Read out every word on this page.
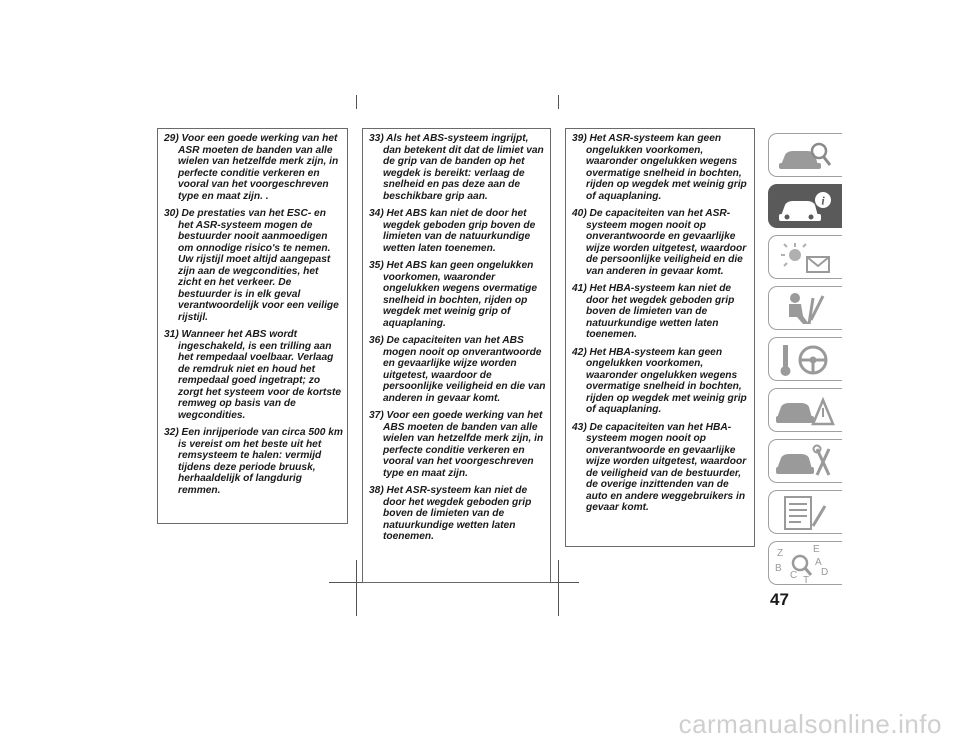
29) Voor een goede werking van het ASR moeten de banden van alle wielen van hetzelfde merk zijn, in perfecte conditie verkeren en vooral van het voorgeschreven type en maat zijn. .

30) De prestaties van het ESC- en het ASR-systeem mogen de bestuurder nooit aanmoedigen om onnodige risico's te nemen. Uw rijstijl moet altijd aangepast zijn aan de wegcondities, het zicht en het verkeer. De bestuurder is in elk geval verantwoordelijk voor een veilige rijstijl.

31) Wanneer het ABS wordt ingeschakeld, is een trilling aan het rempedaal voelbaar. Verlaag de remdruk niet en houd het rempedaal goed ingetrapt; zo zorgt het systeem voor de kortste remweg op basis van de wegcondities.

32) Een inrijperiode van circa 500 km is vereist om het beste uit het remsysteem te halen: vermijd tijdens deze periode bruusk, herhaaldelijk of langdurig remmen.

33) Als het ABS-systeem ingrijpt, dan betekent dit dat de limiet van de grip van de banden op het wegdek is bereikt: verlaag de snelheid en pas deze aan de beschikbare grip aan.

34) Het ABS kan niet de door het wegdek geboden grip boven de limieten van de natuurkundige wetten laten toenemen.

35) Het ABS kan geen ongelukken voorkomen, waaronder ongelukken wegens overmatige snelheid in bochten, rijden op wegdek met weinig grip of aquaplaning.

36) De capaciteiten van het ABS mogen nooit op onverantwoorde en gevaarlijke wijze worden uitgetest, waardoor de persoonlijke veiligheid en die van anderen in gevaar komt.

37) Voor een goede werking van het ABS moeten de banden van alle wielen van hetzelfde merk zijn, in perfecte conditie verkeren en vooral van het voorgeschreven type en maat zijn.

38) Het ASR-systeem kan niet de door het wegdek geboden grip boven de limieten van de natuurkundige wetten laten toenemen.

39) Het ASR-systeem kan geen ongelukken voorkomen, waaronder ongelukken wegens overmatige snelheid in bochten, rijden op wegdek met weinig grip of aquaplaning.

40) De capaciteiten van het ASR-systeem mogen nooit op onverantwoorde en gevaarlijke wijze worden uitgetest, waardoor de persoonlijke veiligheid en die van anderen in gevaar komt.

41) Het HBA-systeem kan niet de door het wegdek geboden grip boven de limieten van de natuurkundige wetten laten toenemen.

42) Het HBA-systeem kan geen ongelukken voorkomen, waaronder ongelukken wegens overmatige snelheid in bochten, rijden op wegdek met weinig grip of aquaplaning.

43) De capaciteiten van het HBA-systeem mogen nooit op onverantwoorde en gevaarlijke wijze worden uitgetest, waardoor de veiligheid van de bestuurder, de overige inzittenden van de auto en andere weggebruikers in gevaar komt.

i
Z	E
A
B
C D
T
47
carmanualsonline.info
